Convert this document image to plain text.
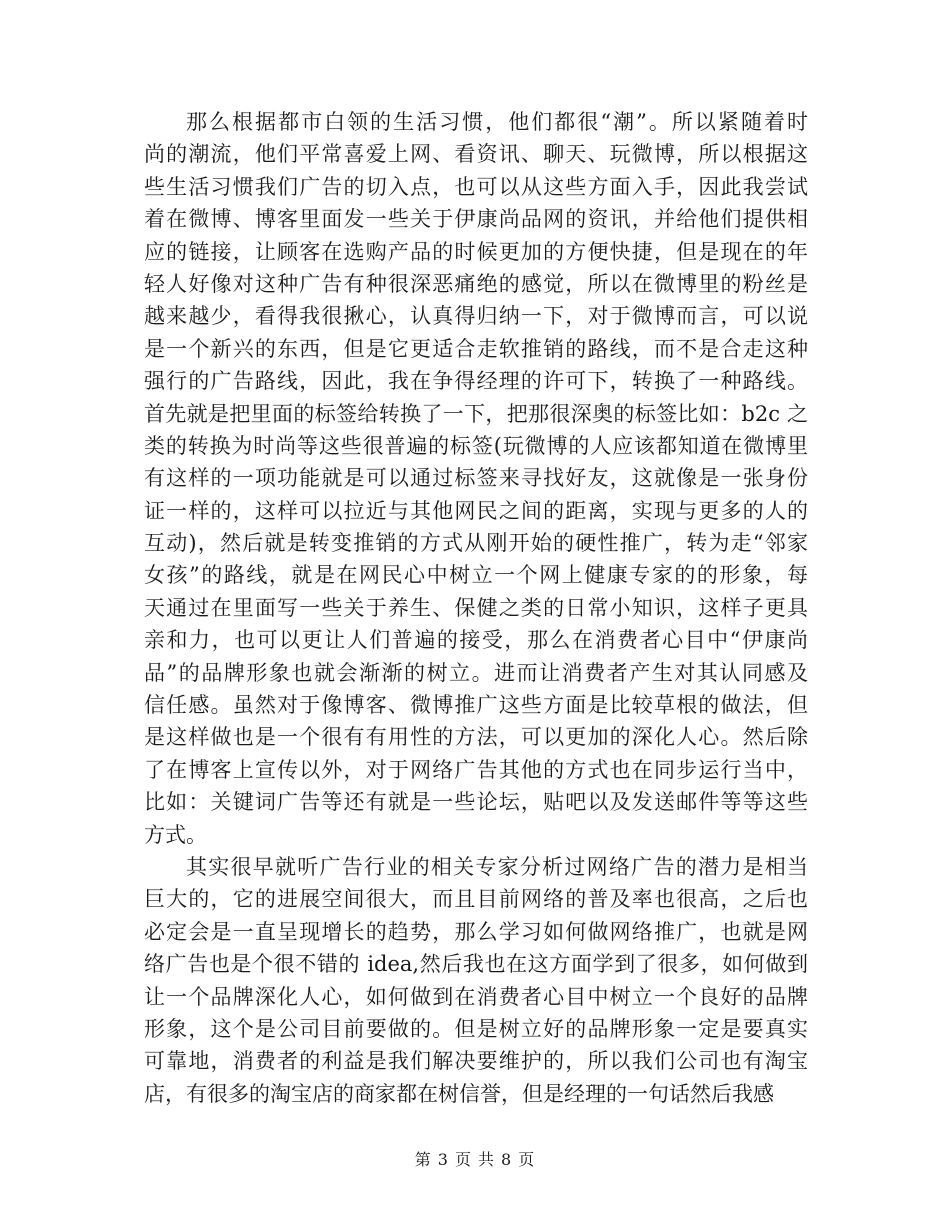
那么根据都市白领的生活习惯，他们都很“潮”。所以紧随着时
尚的潮流，他们平常喜爱上网、看资讯、聊天、玩微博，所以根据这
些生活习惯我们广告的切入点，也可以从这些方面入手，因此我尝试
着在微博、博客里面发一些关于伊康尚品网的资讯，并给他们提供相
应的链接，让顾客在选购产品的时候更加的方便快捷，但是现在的年
轻人好像对这种广告有种很深恶痛绝的感觉，所以在微博里的粉丝是
越来越少，看得我很揪心，认真得归纳一下，对于微博而言，可以说
是一个新兴的东西，但是它更适合走软推销的路线，而不是合走这种
强行的广告路线，因此，我在争得经理的许可下，转换了一种路线。
首先就是把里面的标签给转换了一下，把那很深奥的标签比如：b2c 之
类的转换为时尚等这些很普遍的标签(玩微博的人应该都知道在微博里
有这样的一项功能就是可以通过标签来寻找好友，这就像是一张身份
证一样的，这样可以拉近与其他网民之间的距离，实现与更多的人的
互动)，然后就是转变推销的方式从刚开始的硬性推广，转为走“邻家
女孩”的路线，就是在网民心中树立一个网上健康专家的的形象，每
天通过在里面写一些关于养生、保健之类的日常小知识，这样子更具
亲和力，也可以更让人们普遍的接受，那么在消费者心目中“伊康尚
品”的品牌形象也就会渐渐的树立。进而让消费者产生对其认同感及
信任感。虽然对于像博客、微博推广这些方面是比较草根的做法，但
是这样做也是一个很有有用性的方法，可以更加的深化人心。然后除
了在博客上宣传以外，对于网络广告其他的方式也在同步运行当中，
比如：关键词广告等还有就是一些论坛，贴吧以及发送邮件等等这些
方式。
其实很早就听广告行业的相关专家分析过网络广告的潜力是相当
巨大的，它的进展空间很大，而且目前网络的普及率也很高，之后也
必定会是一直呈现增长的趋势，那么学习如何做网络推广，也就是网
络广告也是个很不错的 idea,然后我也在这方面学到了很多，如何做到
让一个品牌深化人心，如何做到在消费者心目中树立一个良好的品牌
形象，这个是公司目前要做的。但是树立好的品牌形象一定是要真实
可靠地，消费者的利益是我们解决要维护的，所以我们公司也有淘宝
店，有很多的淘宝店的商家都在树信誉，但是经理的一句话然后我感
第 3 页 共 8 页
